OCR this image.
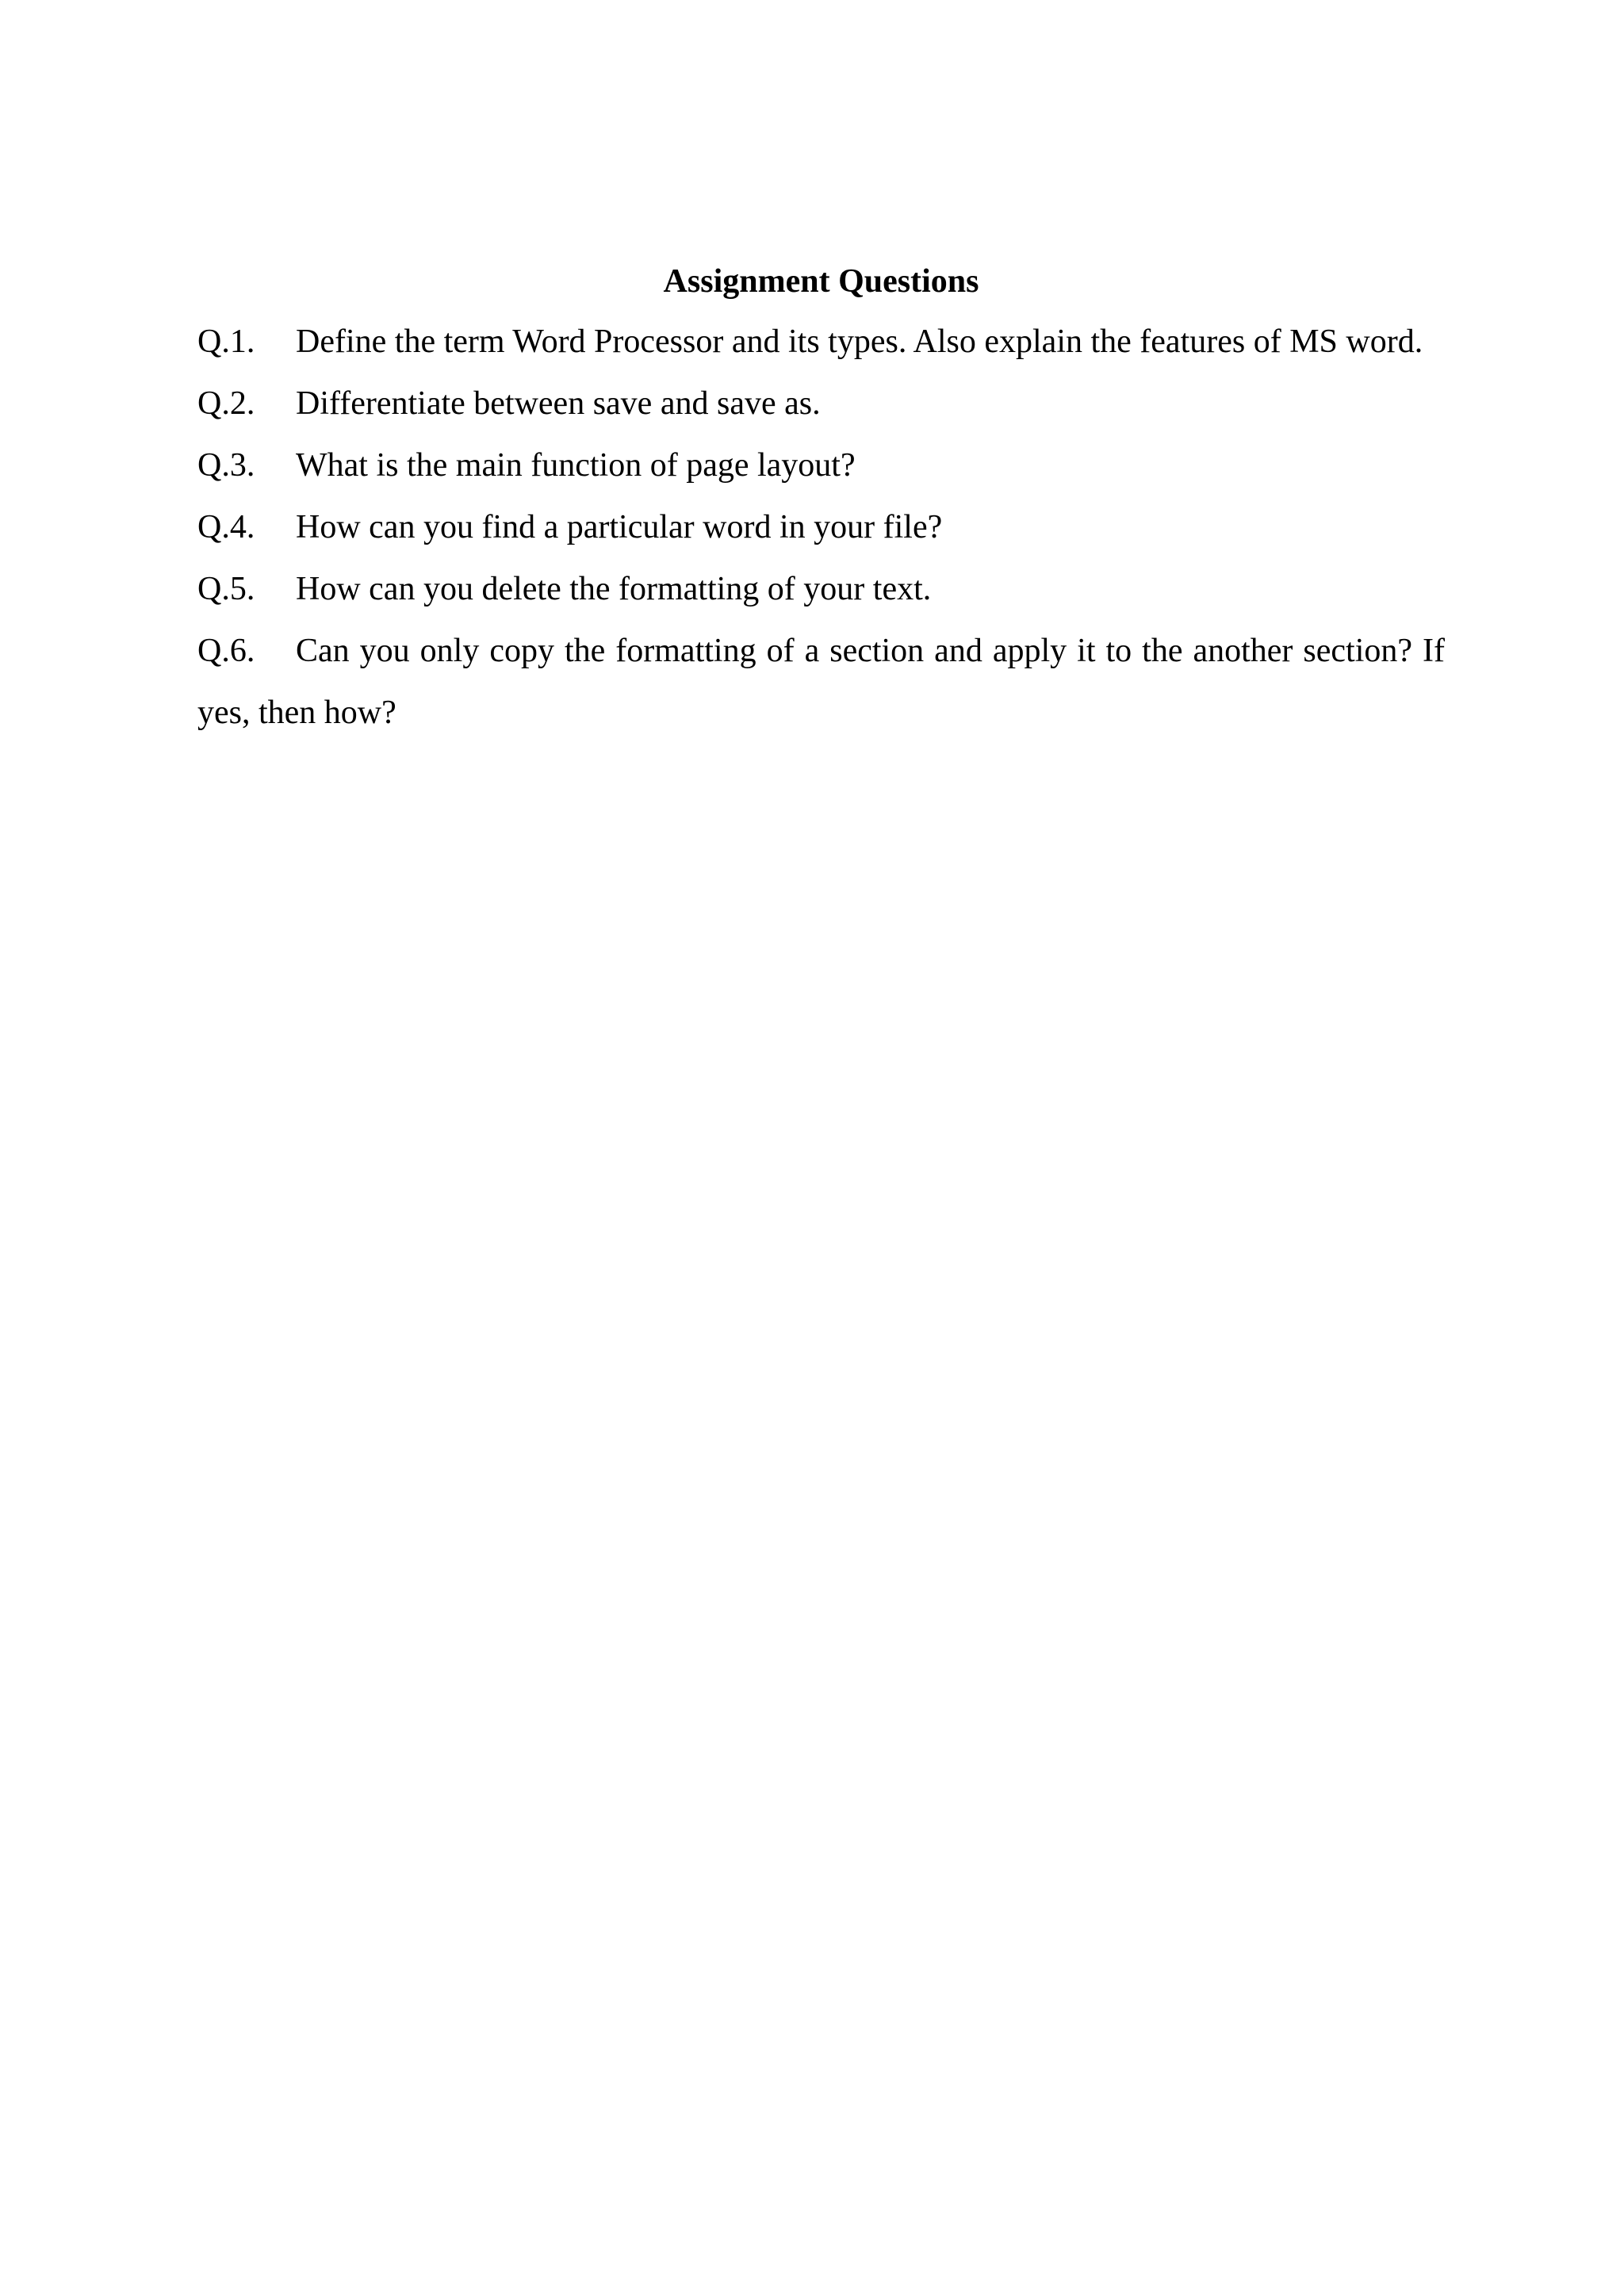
Assignment Questions

Q.1. Define the term Word Processor and its types. Also explain the features of MS word.

Q.2. Differentiate between save and save as.

Q.3. What is the main function of page layout?

Q.4. How can you find a particular word in your file?

Q.5. How can you delete the formatting of your text.

Q.6. Can you only copy the formatting of a section and apply it to the another section? If yes, then how?
